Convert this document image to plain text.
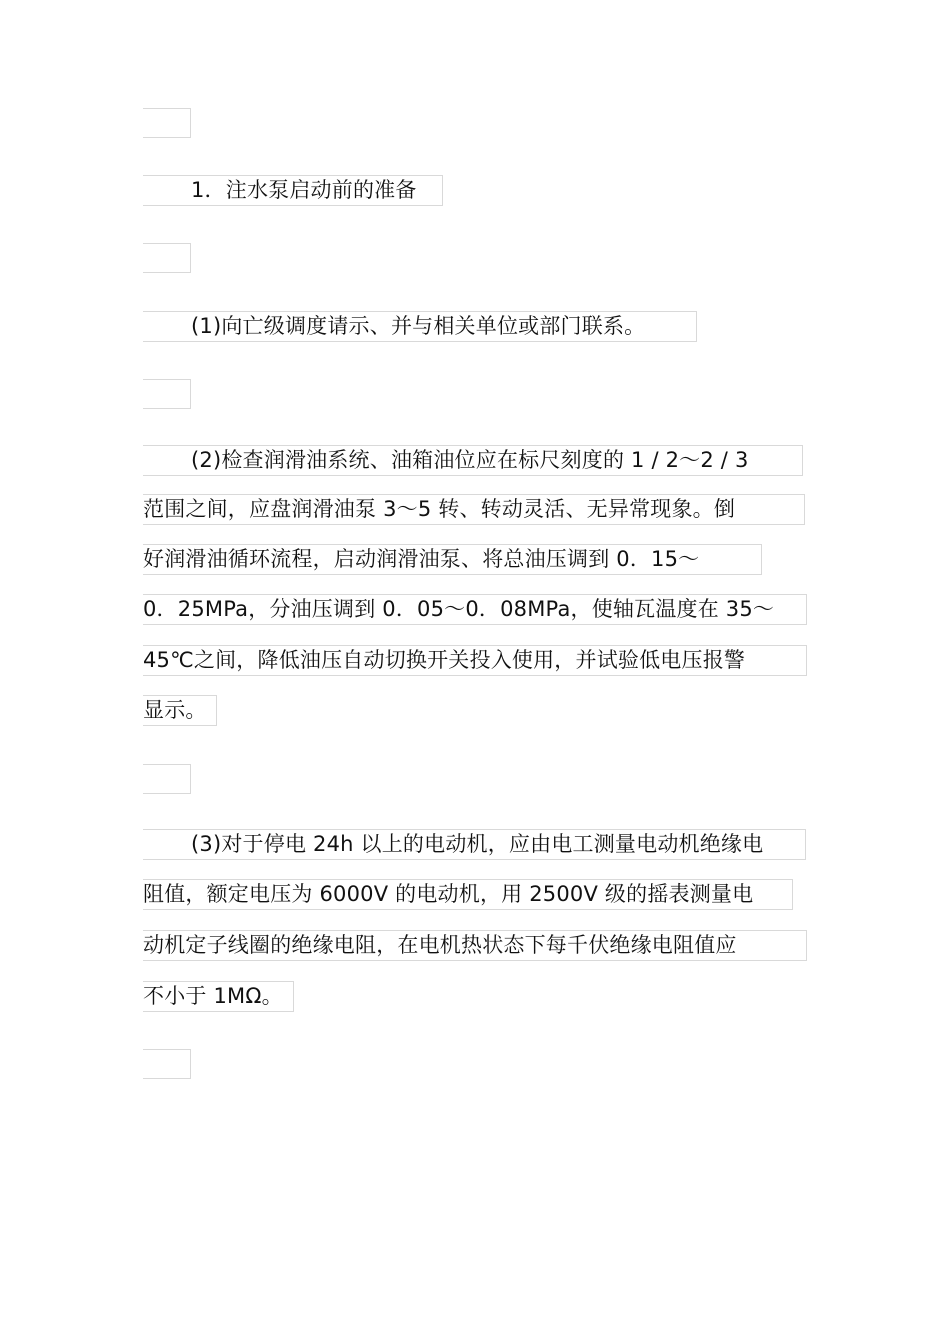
1．注水泵启动前的准备
(1)向亡级调度请示、并与相关单位或部门联系。
(2)检查润滑油系统、油箱油位应在标尺刻度的 1 / 2～2 / 3
范围之间，应盘润滑油泵 3～5 转、转动灵活、无异常现象。倒
好润滑油循环流程，启动润滑油泵、将总油压调到 0．15～
0．25MPa，分油压调到 0．05～0．08MPa，使轴瓦温度在 35～
45℃之间，降低油压自动切换开关投入使用，并试验低电压报警
显示。
(3)对于停电 24h 以上的电动机，应由电工测量电动机绝缘电
阻值，额定电压为 6000V 的电动机，用 2500V 级的摇表测量电
动机定子线圈的绝缘电阻，在电机热状态下每千伏绝缘电阻值应
不小于 1MΩ。
